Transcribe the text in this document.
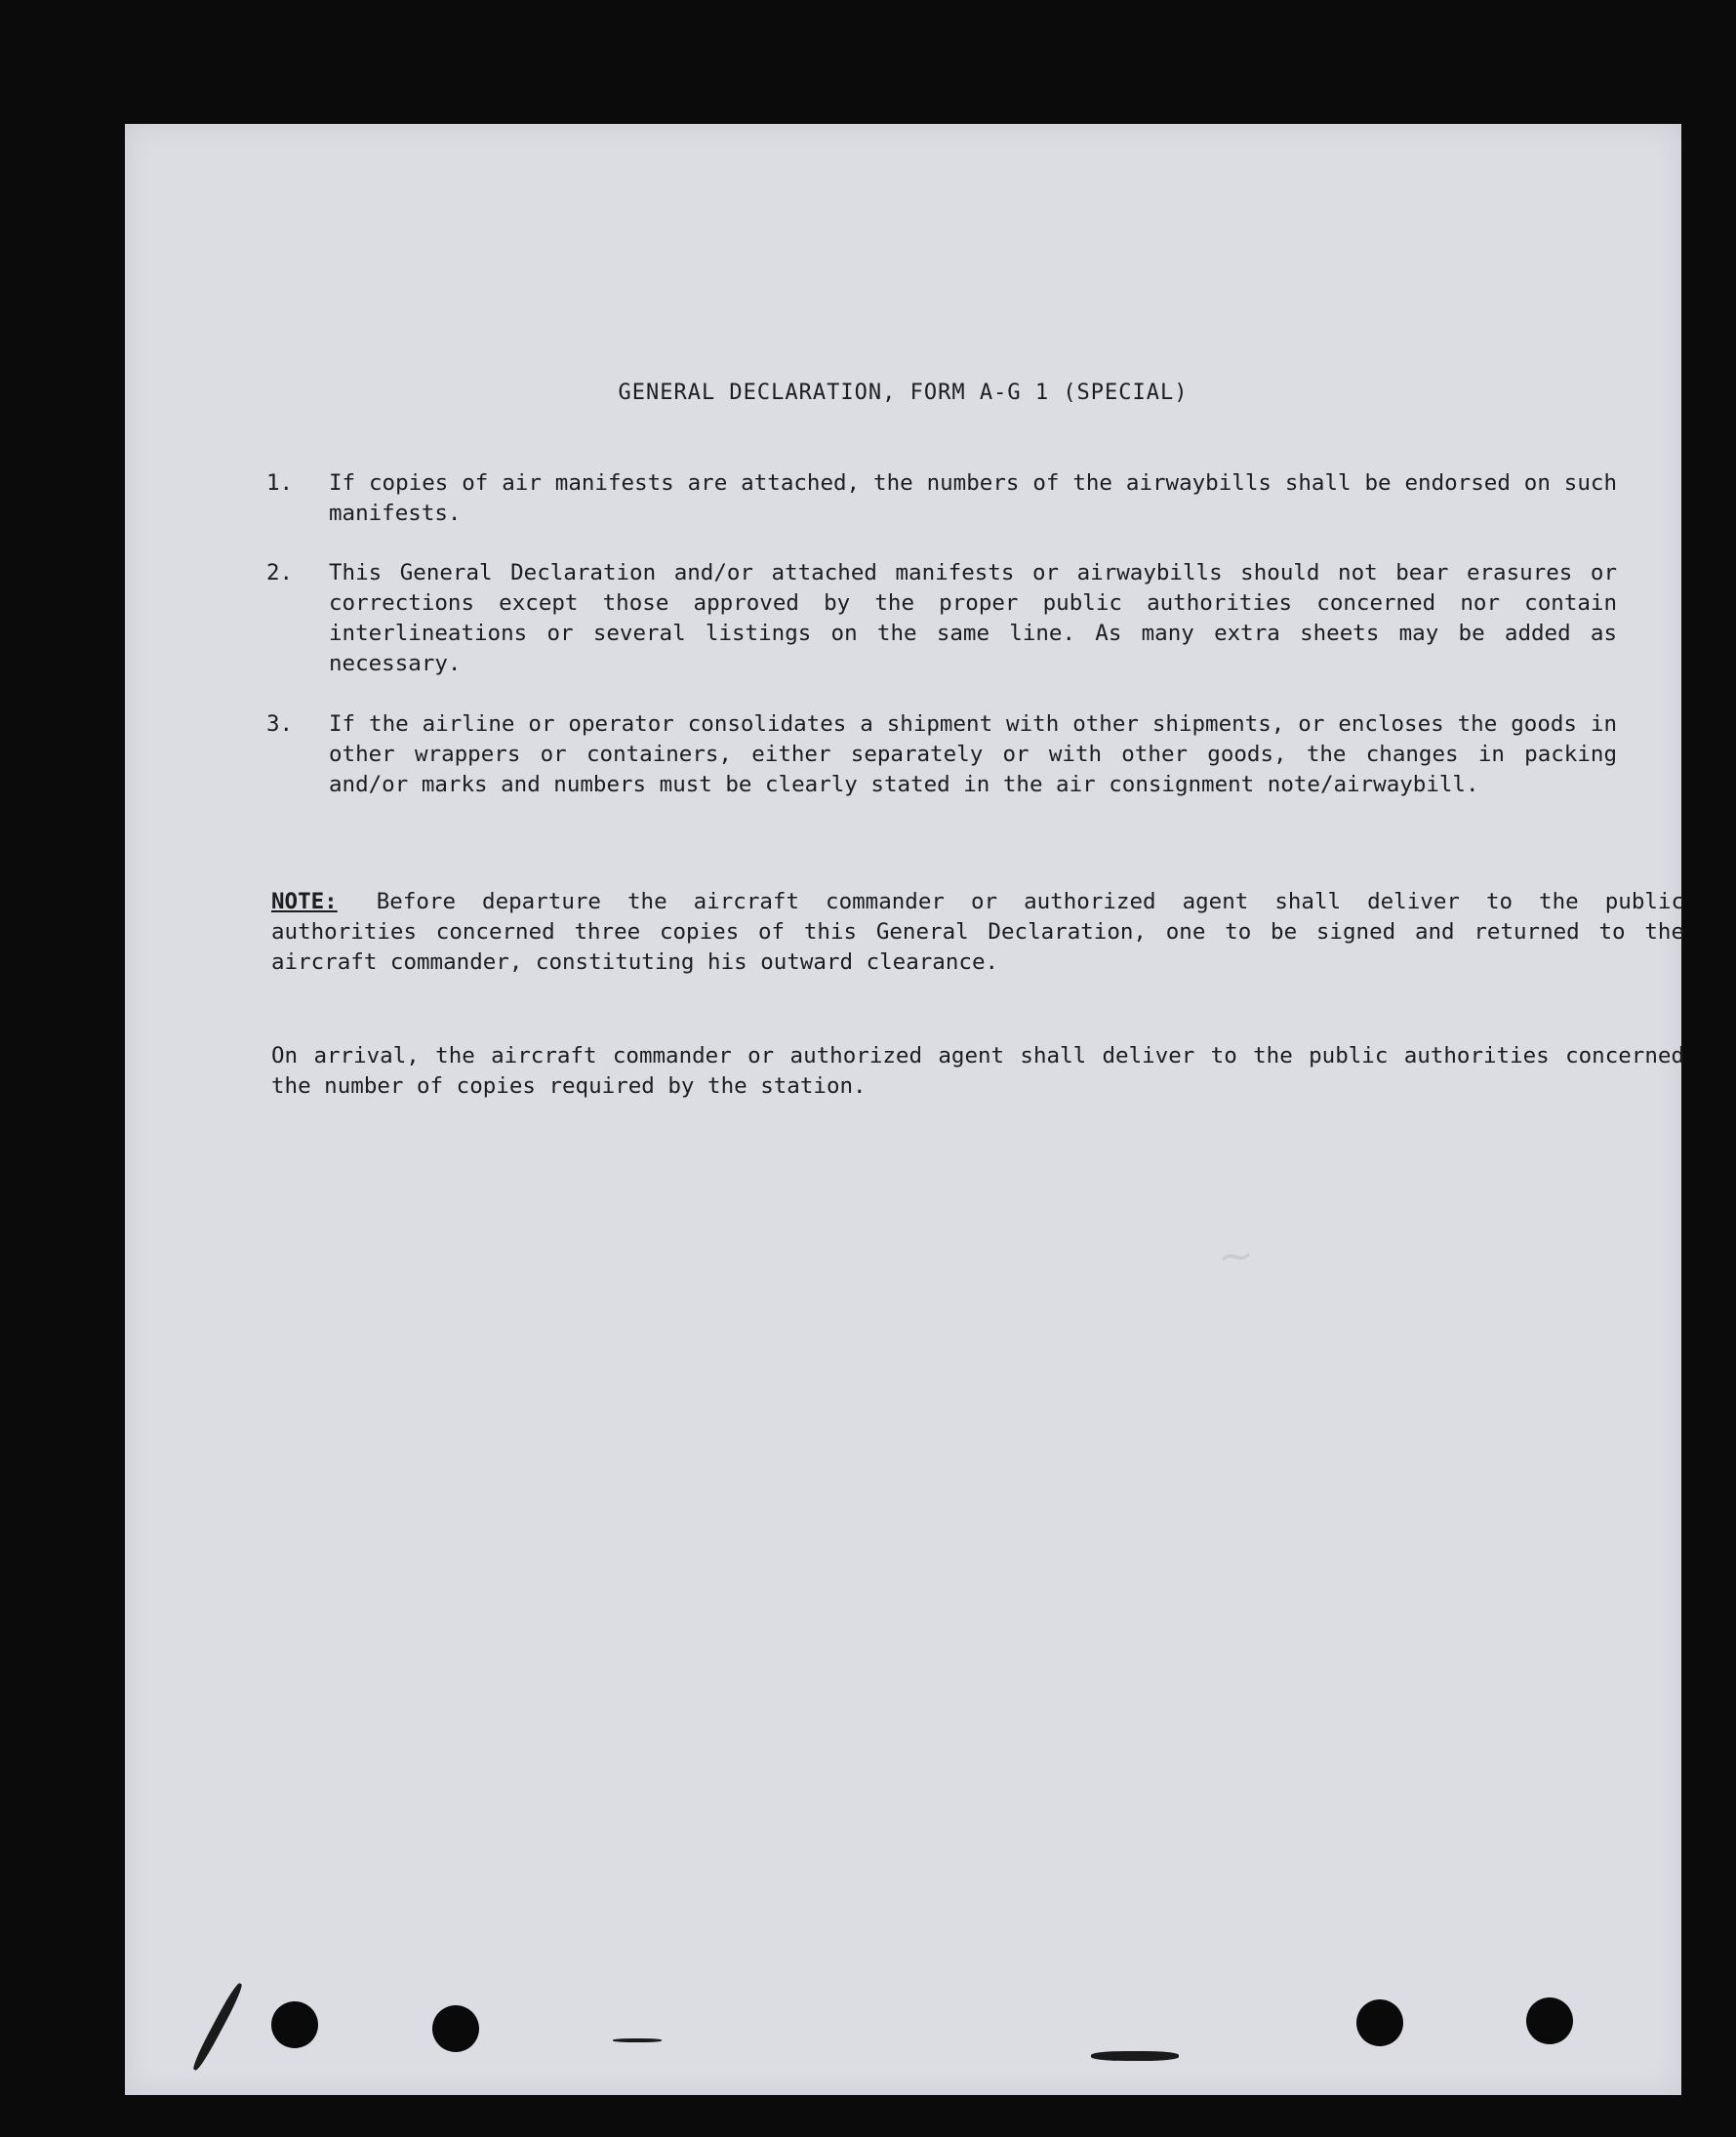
GENERAL DECLARATION, FORM A-G 1 (SPECIAL)
1. If copies of air manifests are attached, the numbers of the airwaybills shall be endorsed on such manifests.
2. This General Declaration and/or attached manifests or airwaybills should not bear erasures or corrections except those approved by the proper public authorities concerned nor contain interlineations or several listings on the same line. As many extra sheets may be added as necessary.
3. If the airline or operator consolidates a shipment with other shipments, or encloses the goods in other wrappers or containers, either separately or with other goods, the changes in packing and/or marks and numbers must be clearly stated in the air consignment note/airwaybill.
NOTE: Before departure the aircraft commander or authorized agent shall deliver to the public authorities concerned three copies of this General Declaration, one to be signed and returned to the aircraft commander, constituting his outward clearance.
On arrival, the aircraft commander or authorized agent shall deliver to the public authorities concerned the number of copies required by the station.
~
